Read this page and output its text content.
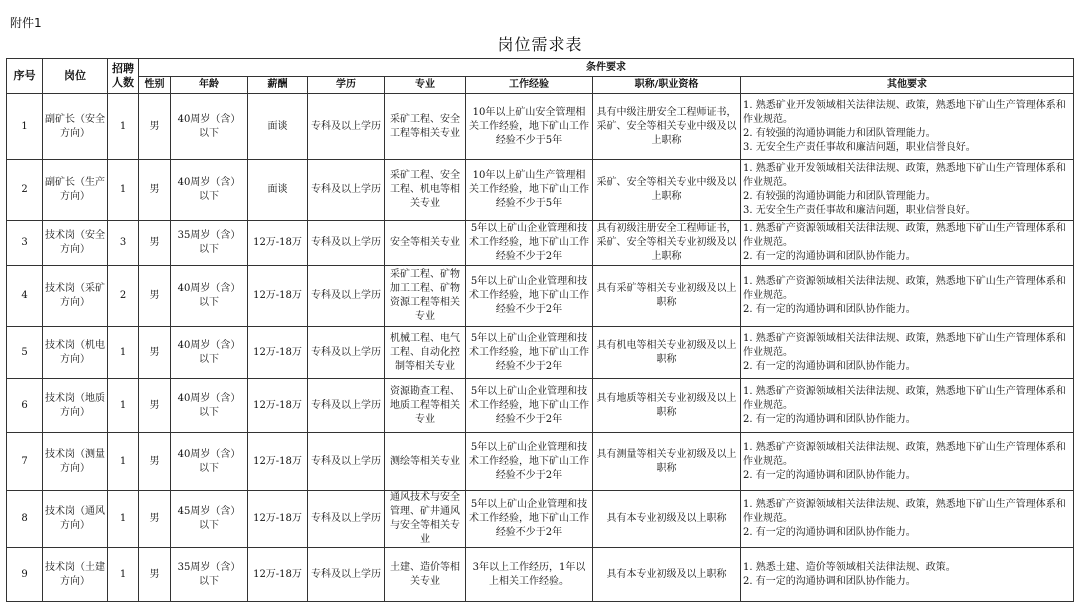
附件1
岗位需求表
序号	岗位	招聘人数	条件要求							
			性别	年龄	薪酬	学历	专业	工作经验	职称/职业资格	其他要求
1	副矿长（安全方向）	1	男	40周岁（含）以下	面谈	专科及以上学历	采矿工程、安全工程等相关专业	10年以上矿山安全管理相关工作经验，地下矿山工作经验不少于5年	具有中级注册安全工程师证书，采矿、安全等相关专业中级及以上职称	1. 熟悉矿业开发领域相关法律法规、政策，熟悉地下矿山生产管理体系和作业规范。
2. 有较强的沟通协调能力和团队管理能力。
3. 无安全生产责任事故和廉洁问题，职业信誉良好。

2	副矿长（生产方向）	1	男	40周岁（含）以下	面谈	专科及以上学历	采矿工程、安全工程、机电等相关专业	10年以上矿山生产管理相关工作经验，地下矿山工作经验不少于5年	采矿、安全等相关专业中级及以上职称	1. 熟悉矿业开发领域相关法律法规、政策，熟悉地下矿山生产管理体系和作业规范。
2. 有较强的沟通协调能力和团队管理能力。
3. 无安全生产责任事故和廉洁问题，职业信誉良好。

3	技术岗（安全方向）	3	男	35周岁（含）以下	12万-18万	专科及以上学历	安全等相关专业	5年以上矿山企业管理和技术工作经验，地下矿山工作经验不少于2年	具有初级注册安全工程师证书，采矿、安全等相关专业初级及以上职称	1. 熟悉矿产资源领域相关法律法规、政策，熟悉地下矿山生产管理体系和作业规范。
2. 有一定的沟通协调和团队协作能力。

4	技术岗（采矿方向）	2	男	40周岁（含）以下	12万-18万	专科及以上学历	采矿工程、矿物加工工程、矿物资源工程等相关专业	5年以上矿山企业管理和技术工作经验，地下矿山工作经验不少于2年	具有采矿等相关专业初级及以上职称	1. 熟悉矿产资源领域相关法律法规、政策，熟悉地下矿山生产管理体系和作业规范。
2. 有一定的沟通协调和团队协作能力。

5	技术岗（机电方向）	1	男	40周岁（含）以下	12万-18万	专科及以上学历	机械工程、电气工程、自动化控制等相关专业	5年以上矿山企业管理和技术工作经验，地下矿山工作经验不少于2年	具有机电等相关专业初级及以上职称	1. 熟悉矿产资源领域相关法律法规、政策，熟悉地下矿山生产管理体系和作业规范。
2. 有一定的沟通协调和团队协作能力。

6	技术岗（地质方向）	1	男	40周岁（含）以下	12万-18万	专科及以上学历	资源勘查工程、地质工程等相关专业	5年以上矿山企业管理和技术工作经验，地下矿山工作经验不少于2年	具有地质等相关专业初级及以上职称	1. 熟悉矿产资源领域相关法律法规、政策，熟悉地下矿山生产管理体系和作业规范。
2. 有一定的沟通协调和团队协作能力。

7	技术岗（测量方向）	1	男	40周岁（含）以下	12万-18万	专科及以上学历	测绘等相关专业	5年以上矿山企业管理和技术工作经验，地下矿山工作经验不少于2年	具有测量等相关专业初级及以上职称	1. 熟悉矿产资源领域相关法律法规、政策，熟悉地下矿山生产管理体系和作业规范。
2. 有一定的沟通协调和团队协作能力。

8	技术岗（通风方向）	1	男	45周岁（含）以下	12万-18万	专科及以上学历	通风技术与安全管理、矿井通风与安全等相关专业	5年以上矿山企业管理和技术工作经验，地下矿山工作经验不少于2年	具有本专业初级及以上职称	1. 熟悉矿产资源领域相关法律法规、政策，熟悉地下矿山生产管理体系和作业规范。
2. 有一定的沟通协调和团队协作能力。

9	技术岗（土建方向）	1	男	35周岁（含）以下	12万-18万	专科及以上学历	土建、造价等相关专业	3年以上工作经历，1年以上相关工作经验。	具有本专业初级及以上职称	1. 熟悉土建、造价等领域相关法律法规、政策。
2. 有一定的沟通协调和团队协作能力。
